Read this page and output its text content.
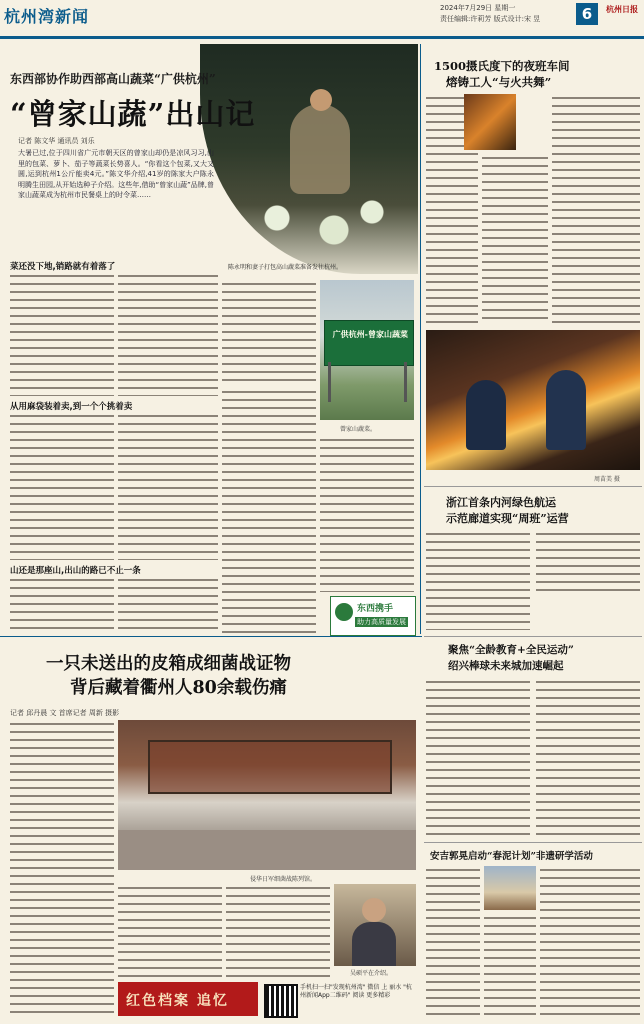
杭州湾新闻	2024年7月29日 星期一
责任编辑:许莉芳 版式设计:宋 昱	6	杭州日报
陈永明和妻子打包高山蔬菜准备发往杭州。
东西部协作助西部高山蔬菜“广供杭州”
“曾家山蔬”出山记
记者 陈文华 通讯员 刘乐
大暑已过,位于四川省广元市朝天区的曾家山却仍是凉风习习,山里的包菜、萝卜、茄子等蔬菜长势喜人。“你看这个包菜,又大又圆,运到杭州1公斤能卖4元。”陈文华介绍,41岁的陈家大户陈永明腾生田园,从开始选种子介绍。这些年,借助“曾家山蔬”品牌,曾家山蔬菜成为杭州市民餐桌上的时令菜……
菜还没下地,销路就有着落了
从用麻袋装着卖,到一个个挑着卖
山还是那座山,出山的路已不止一条
广供杭州-曾家山蔬菜
曾家山蔬菜。
东西携手
助力高质量发展
1500摄氏度下的夜班车间
熔铸工人“与火共舞”
周苗美 摄
浙江首条内河绿色航运
示范廊道实现“周班”运营
聚焦“全龄教育+全民运动”
绍兴棒球未来城加速崛起
安吉郭晃启动“春泥计划”非遗研学活动
一只未送出的皮箱成细菌战证物
背后藏着衢州人80余载伤痛
记者 邱丹晨 文 首席记者 周新 摄影
侵华日军细菌战陈列馆。
吴硕平在介绍。
红色档案 追忆
手机扫一扫"发现杭州湾" 微信 上 丽水 "杭州新闻App二维码" 阅读 更多精彩
